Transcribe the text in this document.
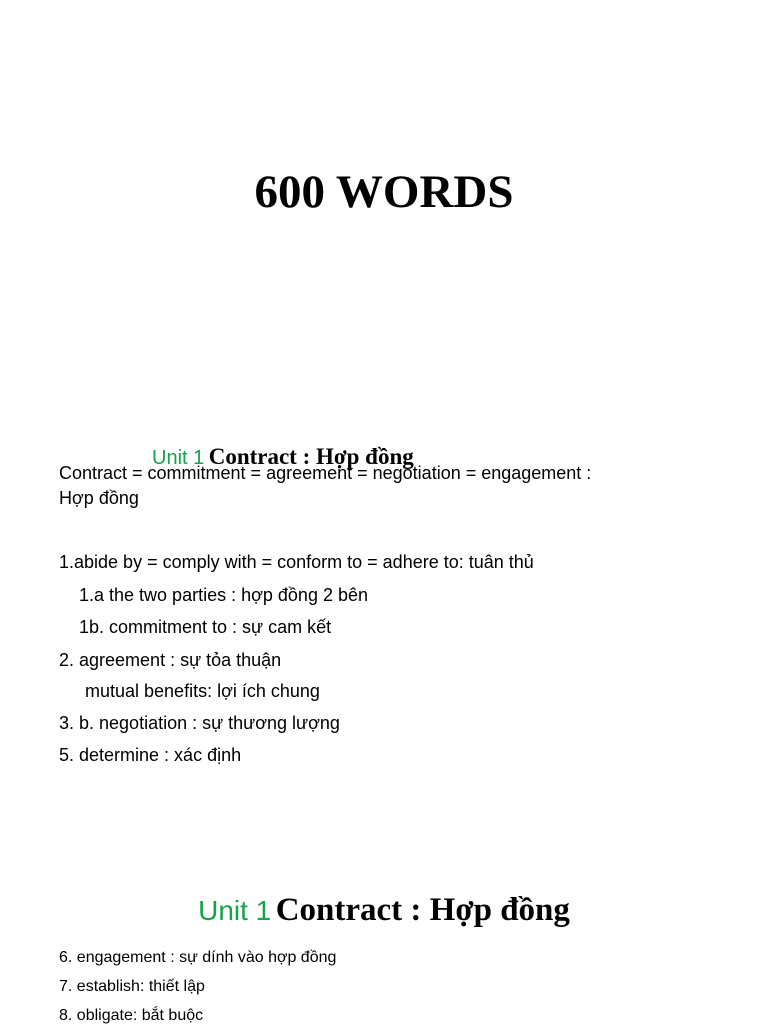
600 WORDS
Unit 1 Contract : Hợp đồng
Contract = commitment = agreement = negotiation = engagement :
Hợp đồng
1.abide by = comply with = conform to = adhere to: tuân thủ
1.a the two parties : hợp đồng 2 bên
1b. commitment to : sự cam kết
2. agreement : sự tỏa thuận
mutual benefits: lợi ích chung
3. b. negotiation : sự thương lượng
5. determine : xác định
Unit 1 Contract : Hợp đồng
6. engagement : sự dính vào hợp đồng
7. establish: thiết lập
8. obligate: bắt buộc
